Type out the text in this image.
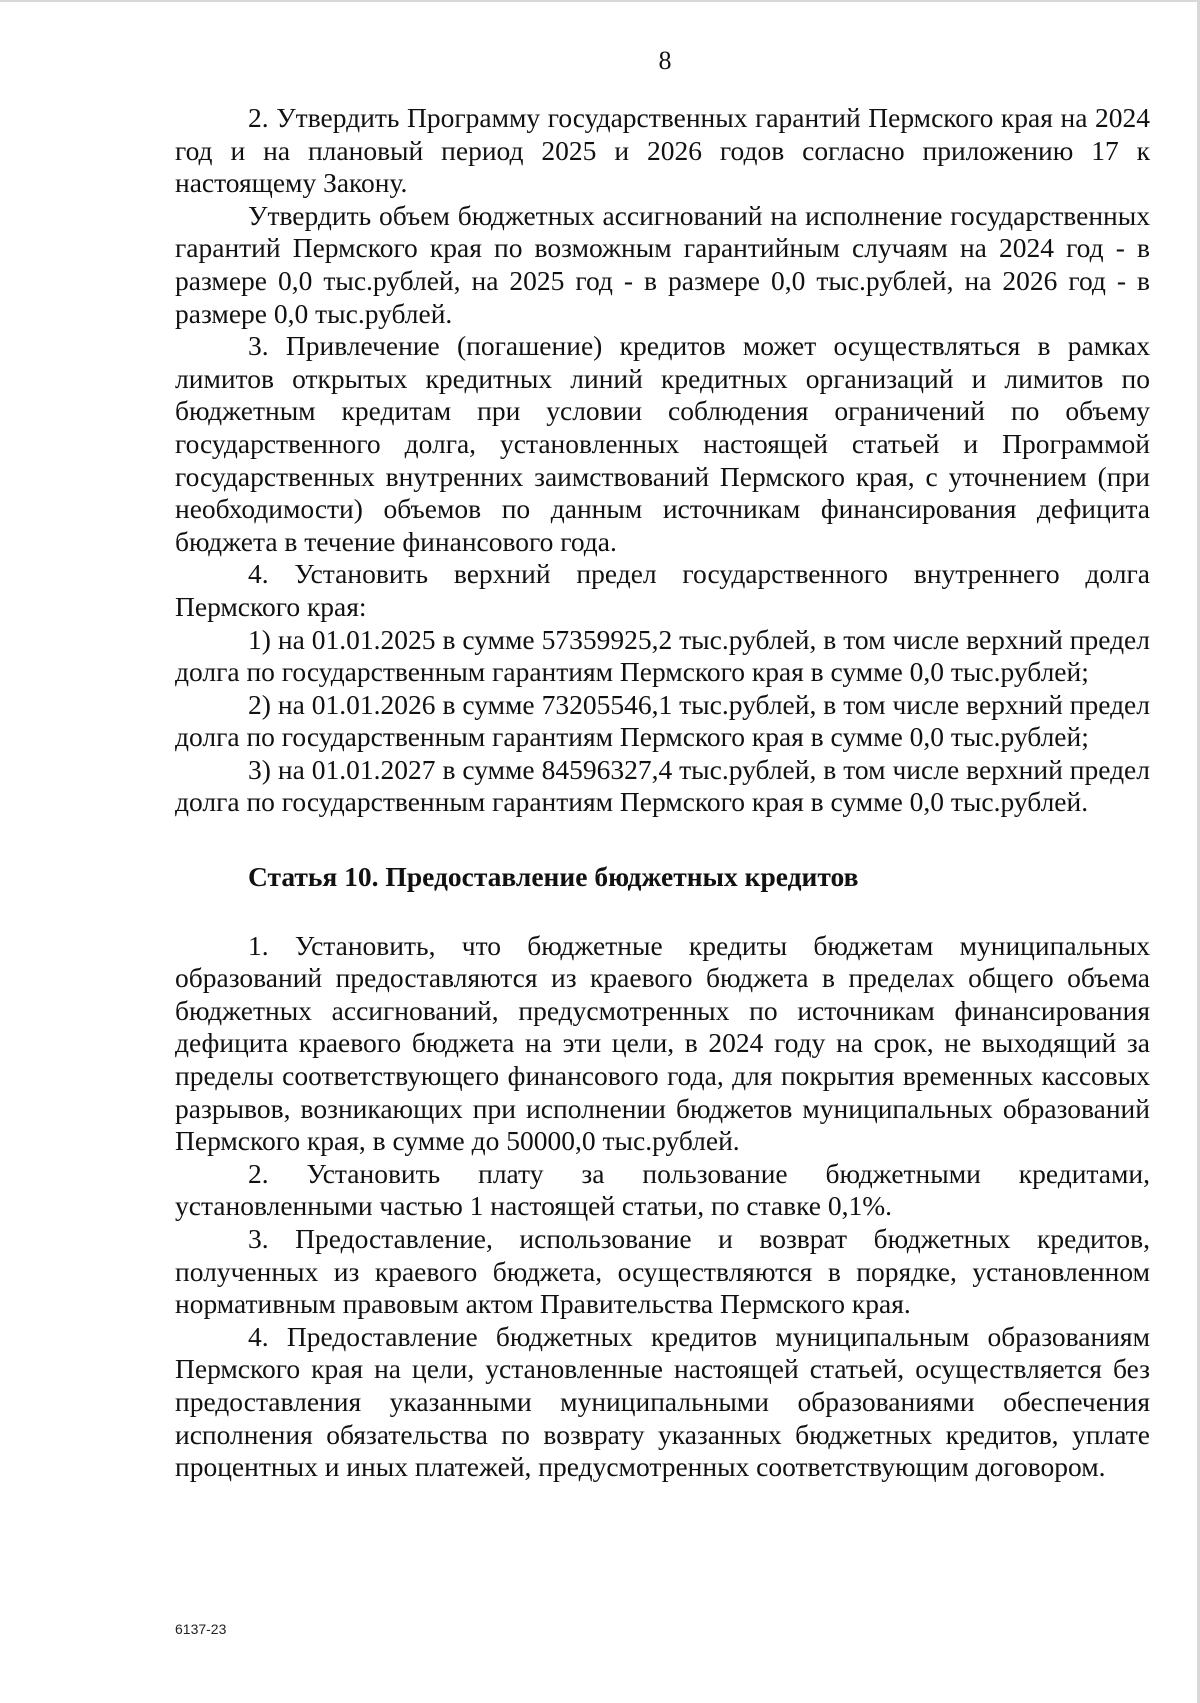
8

2. Утвердить Программу государственных гарантий Пермского края на 2024 год и на плановый период 2025 и 2026 годов согласно приложению 17 к настоящему Закону.

Утвердить объем бюджетных ассигнований на исполнение государственных гарантий Пермского края по возможным гарантийным случаям на 2024 год - в размере 0,0 тыс.рублей, на 2025 год - в размере 0,0 тыс.рублей, на 2026 год - в размере 0,0 тыс.рублей.

3. Привлечение (погашение) кредитов может осуществляться в рамках лимитов открытых кредитных линий кредитных организаций и лимитов по бюджетным кредитам при условии соблюдения ограничений по объему государственного долга, установленных настоящей статьей и Программой государственных внутренних заимствований Пермского края, с уточнением (при необходимости) объемов по данным источникам финансирования дефицита бюджета в течение финансового года.

4. Установить верхний предел государственного внутреннего долга Пермского края:

1) на 01.01.2025 в сумме 57359925,2 тыс.рублей, в том числе верхний предел долга по государственным гарантиям Пермского края в сумме 0,0 тыс.рублей;

2) на 01.01.2026 в сумме 73205546,1 тыс.рублей, в том числе верхний предел долга по государственным гарантиям Пермского края в сумме 0,0 тыс.рублей;

3) на 01.01.2027 в сумме 84596327,4 тыс.рублей, в том числе верхний предел долга по государственным гарантиям Пермского края в сумме 0,0 тыс.рублей.

Статья 10. Предоставление бюджетных кредитов

1. Установить, что бюджетные кредиты бюджетам муниципальных образований предоставляются из краевого бюджета в пределах общего объема бюджетных ассигнований, предусмотренных по источникам финансирования дефицита краевого бюджета на эти цели, в 2024 году на срок, не выходящий за пределы соответствующего финансового года, для покрытия временных кассовых разрывов, возникающих при исполнении бюджетов муниципальных образований Пермского края, в сумме до 50000,0 тыс.рублей.

2. Установить плату за пользование бюджетными кредитами, установленными частью 1 настоящей статьи, по ставке 0,1%.

3. Предоставление, использование и возврат бюджетных кредитов, полученных из краевого бюджета, осуществляются в порядке, установленном нормативным правовым актом Правительства Пермского края.

4. Предоставление бюджетных кредитов муниципальным образованиям Пермского края на цели, установленные настоящей статьей, осуществляется без предоставления указанными муниципальными образованиями обеспечения исполнения обязательства по возврату указанных бюджетных кредитов, уплате процентных и иных платежей, предусмотренных соответствующим договором.

6137-23
